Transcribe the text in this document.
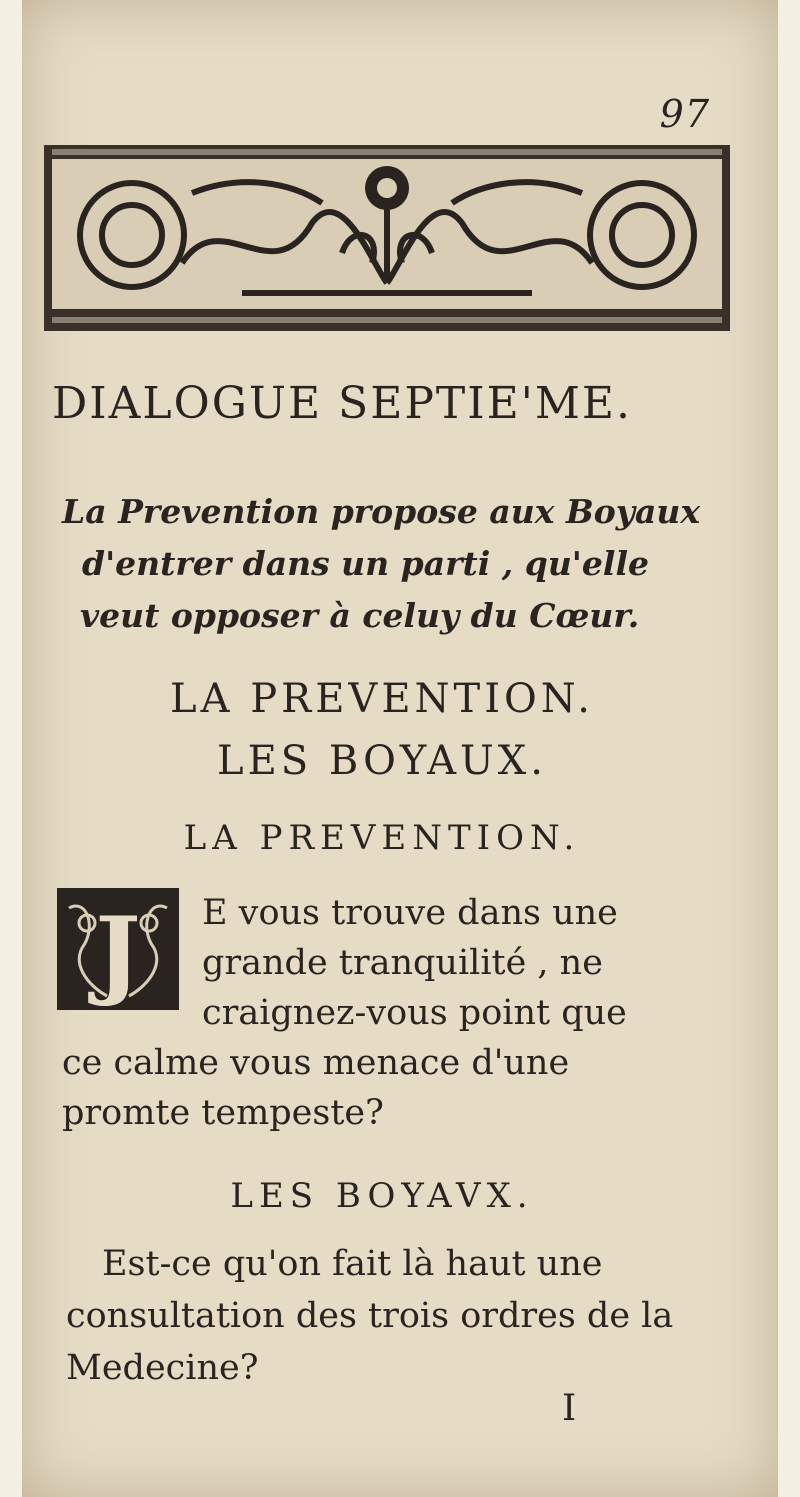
97
DIALOGUE SEPTIE'ME.
La Prevention propose aux Boyaux
d'entrer dans un parti , qu'elle
veut opposer à celuy du Cœur.
LA PREVENTION.
LES BOYAUX.
LA PREVENTION.
J	E vous trouve dans une
grande tranquilité , ne
craignez-vous point que
ce calme vous menace d'une
promte tempeste?
LES BOYAVX.
Est-ce qu'on fait là haut une
consultation des trois ordres de la
Medecine?
I
